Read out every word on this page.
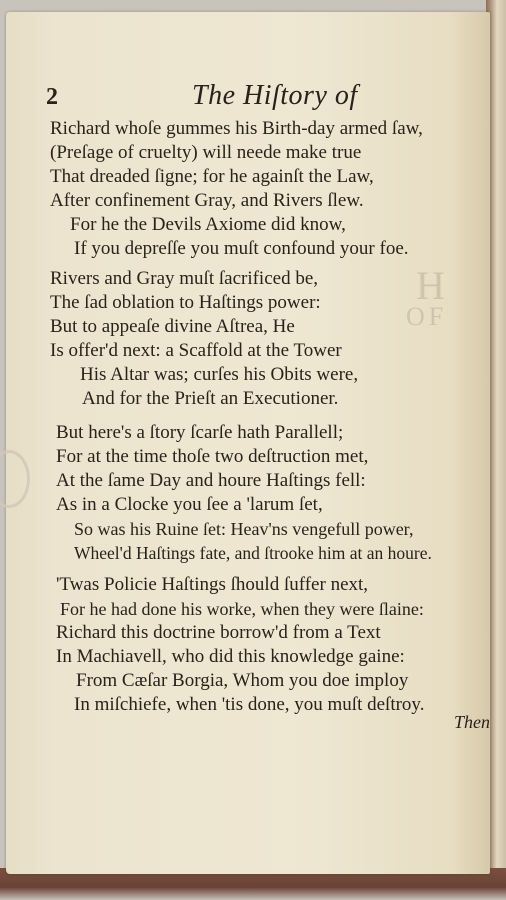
H
OF
2	The Hiſtory of
Richard whoſe gummes his Birth-day armed ſaw,
(Preſage of cruelty) will neede make true
That dreaded ſigne; for he againſt the Law,
After confinement Gray, and Rivers ſlew.
For he the Devils Axiome did know,
If you depreſſe you muſt confound your foe.
Rivers and Gray muſt ſacrificed be,
The ſad oblation to Haſtings power:
But to appeaſe divine Aſtrea, He
Is offer'd next: a Scaffold at the Tower
His Altar was; curſes his Obits were,
And for the Prieſt an Executioner.
But here's a ſtory ſcarſe hath Parallell;
For at the time thoſe two deſtruction met,
At the ſame Day and houre Haſtings fell:
As in a Clocke you ſee a 'larum ſet,
So was his Ruine ſet: Heav'ns vengefull power,
Wheel'd Haſtings fate, and ſtrooke him at an houre.
'Twas Policie Haſtings ſhould ſuffer next,
For he had done his worke, when they were ſlaine:
Richard this doctrine borrow'd from a Text
In Machiavell, who did this knowledge gaine:
From Cæſar Borgia, Whom you doe imploy
In miſchiefe, when 'tis done, you muſt deſtroy.
Then
